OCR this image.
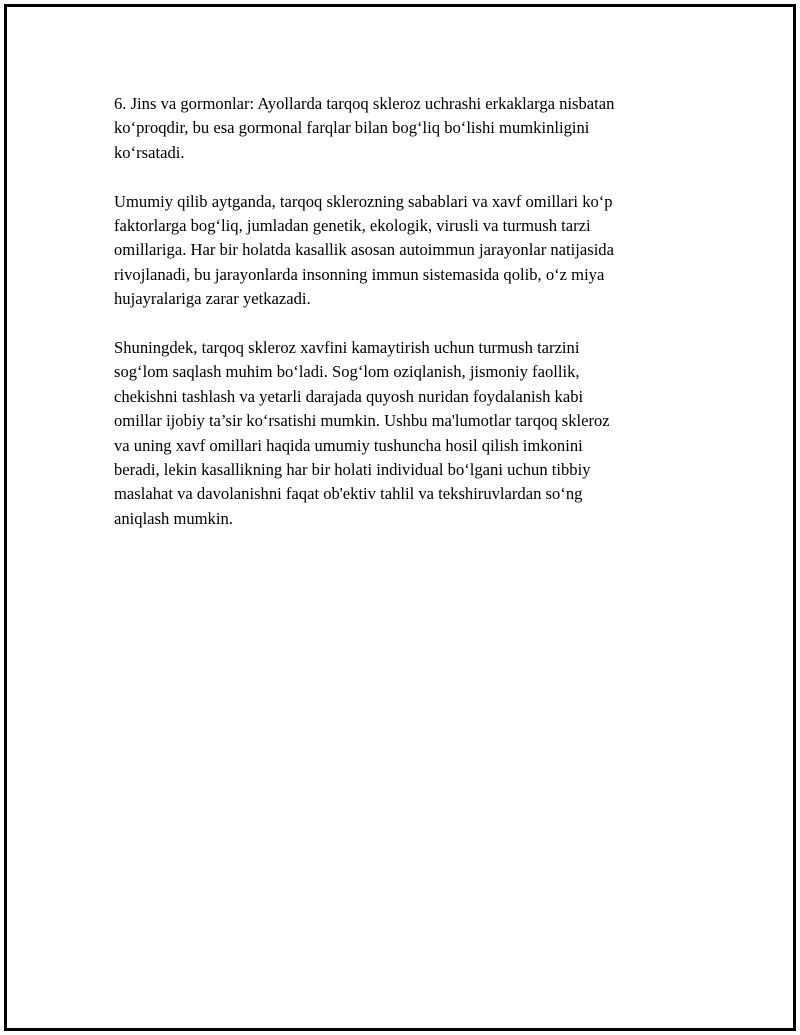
6. Jins va gormonlar: Ayollarda tarqoq skleroz uchrashi erkaklarga nisbatan
koʻproqdir, bu esa gormonal farqlar bilan bogʻliq boʻlishi mumkinligini
koʻrsatadi.

Umumiy qilib aytganda, tarqoq sklerozning sabablari va xavf omillari koʻp
faktorlarga bogʻliq, jumladan genetik, ekologik, virusli va turmush tarzi
omillariga. Har bir holatda kasallik asosan autoimmun jarayonlar natijasida
rivojlanadi, bu jarayonlarda insonning immun sistemasida qolib, oʻz miya
hujayralariga zarar yetkazadi.

Shuningdek, tarqoq skleroz xavfini kamaytirish uchun turmush tarzini
sogʻlom saqlash muhim boʻladi. Sogʻlom oziqlanish, jismoniy faollik,
chekishni tashlash va yetarli darajada quyosh nuridan foydalanish kabi
omillar ijobiy ta’sir koʻrsatishi mumkin. Ushbu ma'lumotlar tarqoq skleroz
va uning xavf omillari haqida umumiy tushuncha hosil qilish imkonini
beradi, lekin kasallikning har bir holati individual boʻlgani uchun tibbiy
maslahat va davolanishni faqat ob'ektiv tahlil va tekshiruvlardan soʻng
aniqlash mumkin.
